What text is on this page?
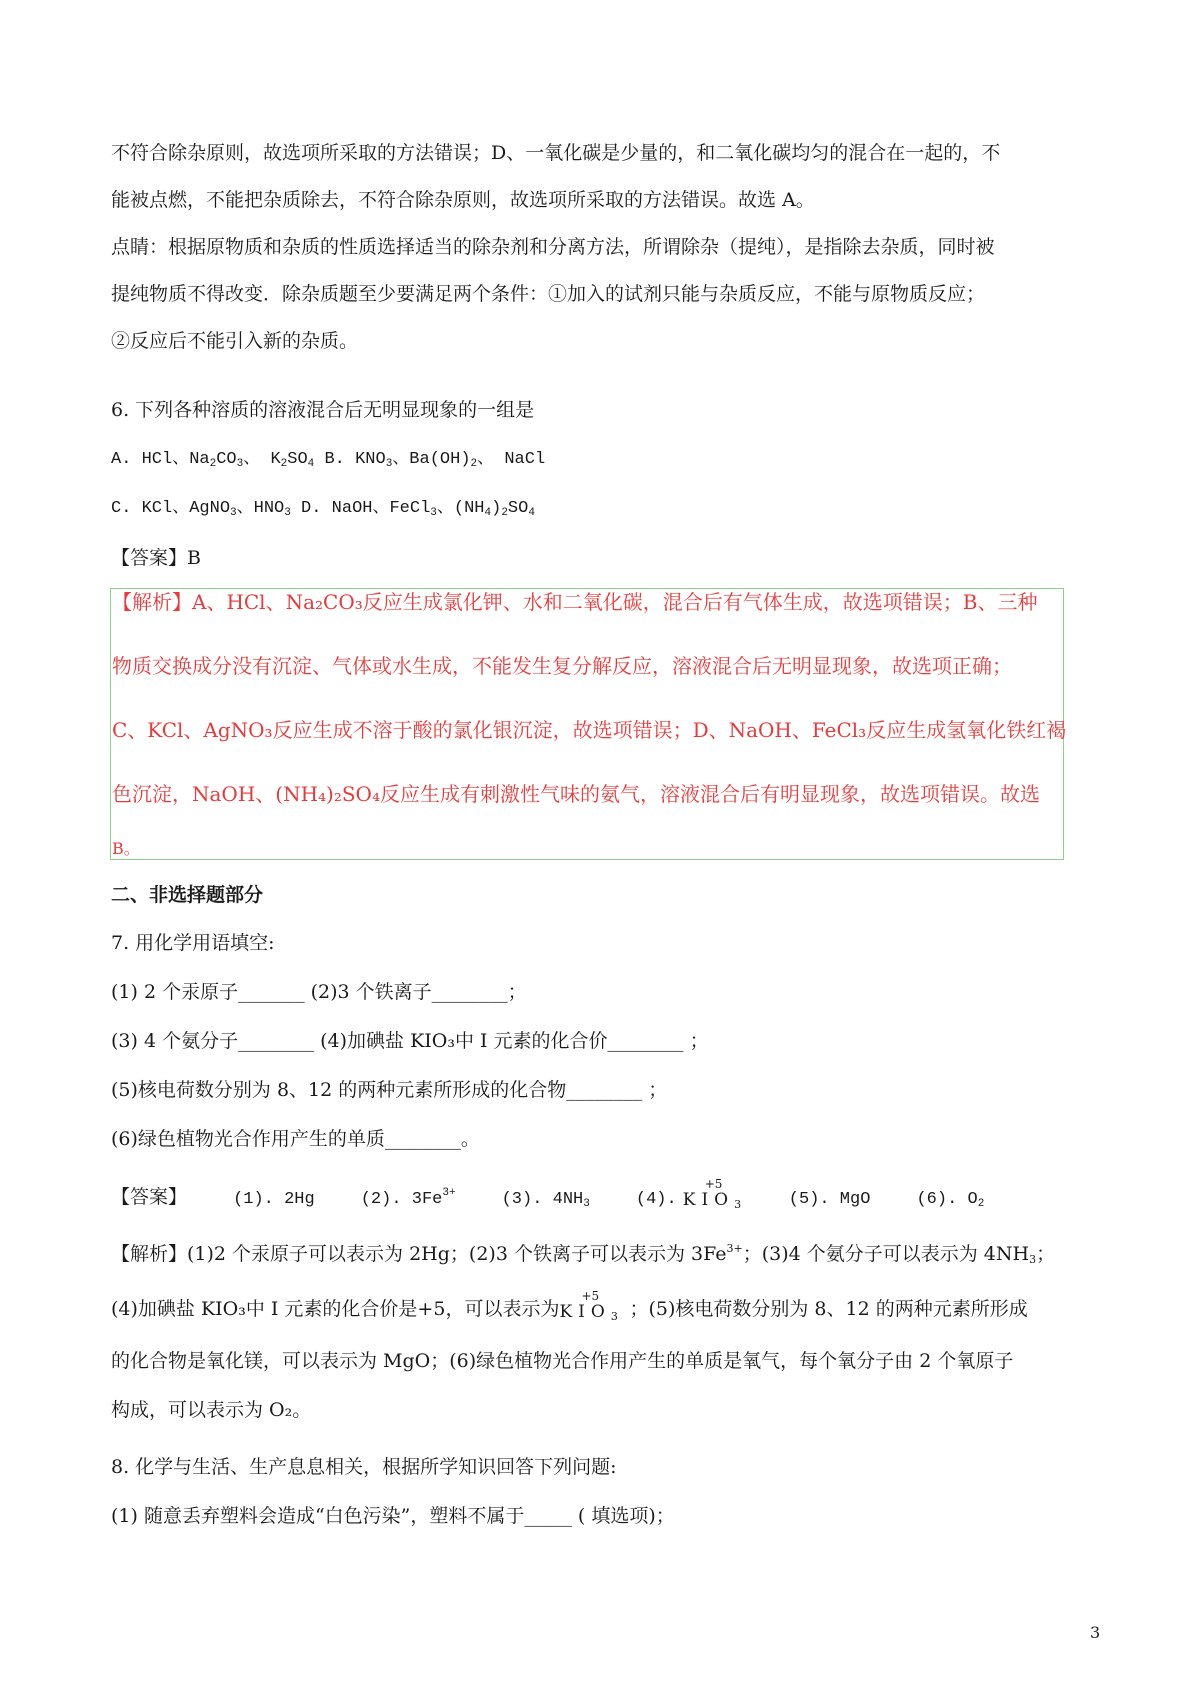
不符合除杂原则，故选项所采取的方法错误；D、一氧化碳是少量的，和二氧化碳均匀的混合在一起的，不
能被点燃，不能把杂质除去，不符合除杂原则，故选项所采取的方法错误。故选 A。
点睛：根据原物质和杂质的性质选择适当的除杂剂和分离方法，所谓除杂（提纯），是指除去杂质，同时被
提纯物质不得改变．除杂质题至少要满足两个条件：①加入的试剂只能与杂质反应，不能与原物质反应；
②反应后不能引入新的杂质。
6. 下列各种溶质的溶液混合后无明显现象的一组是
A. HCl、$Na_2CO_3$、 $K_2SO_4$ B. $KNO_3$、$Ba(OH)_2$、 NaCl
C. KCl、AgNO$_3$、$HNO_3$ D. NaOH、FeCl$_3$、$(NH_4)_2SO_4$
【答案】B
【解析】A、HCl、Na₂CO₃反应生成氯化钾、水和二氧化碳，混合后有气体生成，故选项错误；B、三种
物质交换成分没有沉淀、气体或水生成，不能发生复分解反应，溶液混合后无明显现象，故选项正确；
C、KCl、AgNO₃反应生成不溶于酸的氯化银沉淀，故选项错误；D、NaOH、FeCl₃反应生成氢氧化铁红褐
色沉淀，NaOH、(NH₄)₂SO₄反应生成有刺激性气味的氨气，溶液混合后有明显现象，故选项错误。故选
B。
二、非选择题部分
7. 用化学用语填空:
(1) 2 个汞原子_______ (2)3 个铁离子________；
(3) 4 个氨分子________ (4)加碘盐 KIO₃中 I 元素的化合价________ ；
(5)核电荷数分别为 8、12 的两种元素所形成的化合物________ ；
(6)绿色植物光合作用产生的单质________。
【答案】	(1). 2Hg	(2). $3Fe^{3+}$	(3). $4NH_3$	(4).
+5
$KIO_3$ (5). MgO	(6). $O_2$
【解析】(1)2 个汞原子可以表示为 2Hg；(2)3 个铁离子可以表示为 $3Fe^{3+}$；(3)4 个氨分子可以表示为 $4NH_3$；
(4)加碘盐 KIO₃中 I 元素的化合价是+5，可以表示为
+5
$KIO_3$ ；(5)核电荷数分别为 8、12 的两种元素所形成
的化合物是氧化镁，可以表示为 MgO；(6)绿色植物光合作用产生的单质是氧气，每个氧分子由 2 个氧原子
构成，可以表示为 O₂。
8. 化学与生活、生产息息相关，根据所学知识回答下列问题:
(1) 随意丢弃塑料会造成“白色污染”，塑料不属于_____ ( 填选项)；
3
